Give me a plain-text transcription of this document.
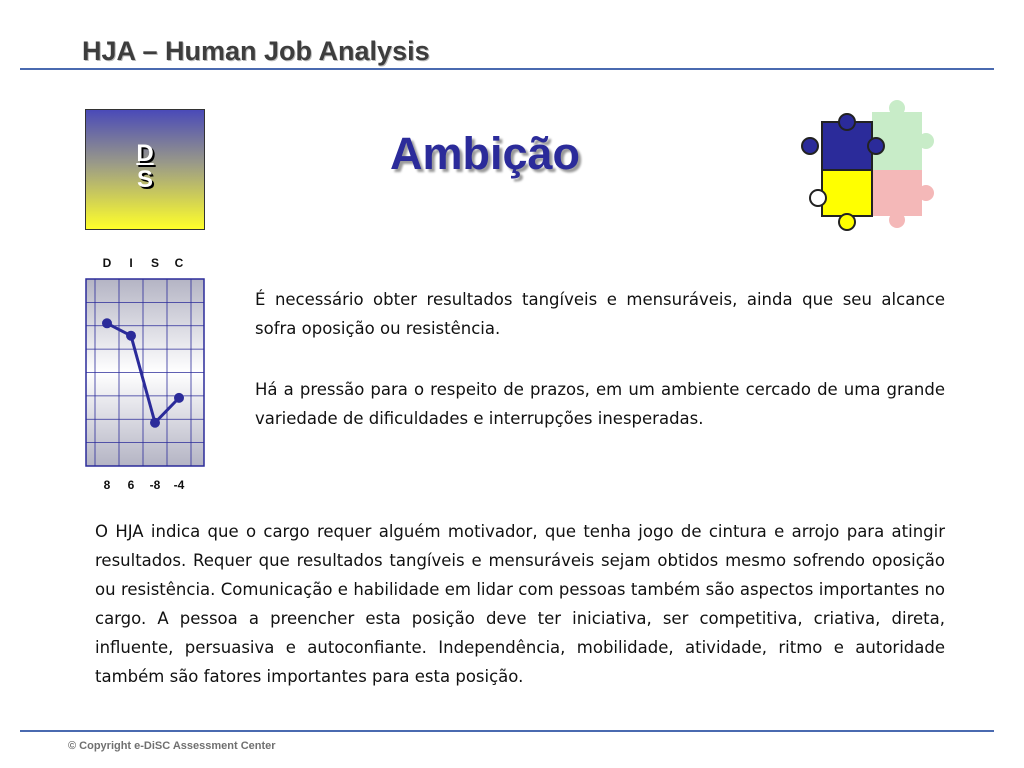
HJA – Human Job Analysis
D
S
Ambição
D	I	S	C
8	6	-8	-4

É necessário obter resultados tangíveis e mensuráveis, ainda que seu alcance sofra oposição ou resistência.

Há a pressão para o respeito de prazos, em um ambiente cercado de uma grande variedade de dificuldades e interrupções inesperadas.

O HJA indica que o cargo requer alguém motivador, que tenha jogo de cintura e arrojo para atingir resultados. Requer que resultados tangíveis e mensuráveis sejam obtidos mesmo sofrendo oposição ou resistência. Comunicação e habilidade em lidar com pessoas também são aspectos importantes no cargo. A pessoa a preencher esta posição deve ter iniciativa, ser competitiva, criativa, direta, influente, persuasiva e autoconfiante. Independência, mobilidade, atividade, ritmo e autoridade também são fatores importantes para esta posição.

© Copyright e-DiSC Assessment Center
